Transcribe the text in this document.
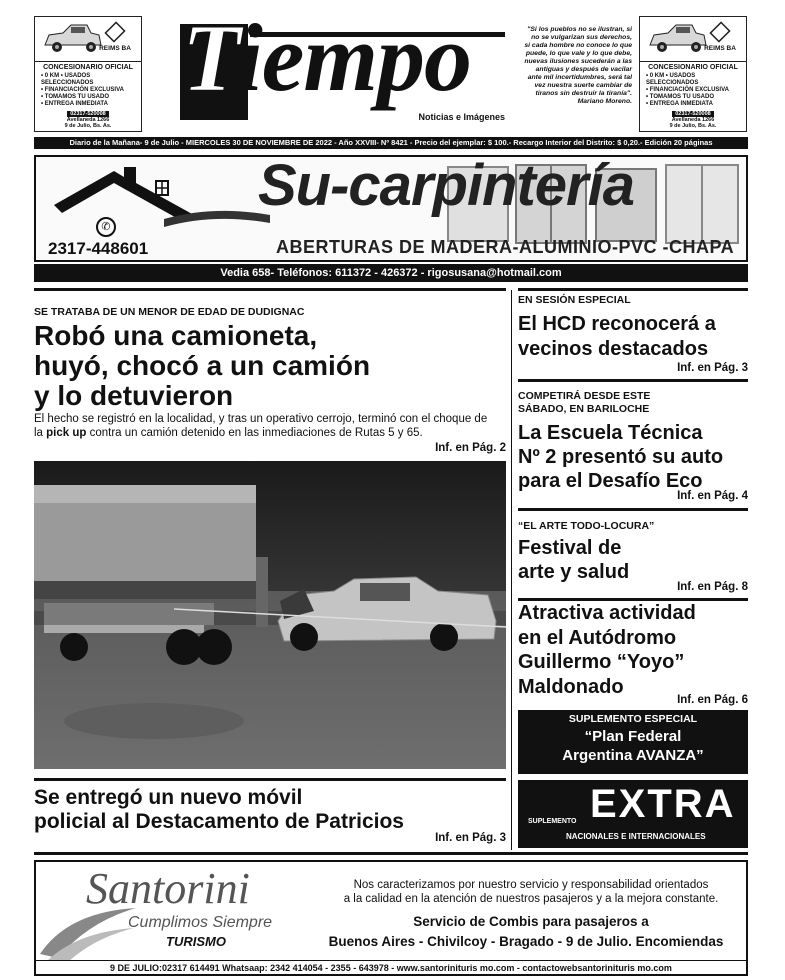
REIMS BA
CONCESIONARIO OFICIAL
• 0 KM • USADOS SELECCIONADOS
• FINANCIACIÓN EXCLUSIVA
• TOMAMOS TU USADO
• ENTREGA INMEDIATA
02317-520008
Avellaneda 1266
9 de Julio, Bs. As.
Tiempo
Noticias e Imágenes
"Si los pueblos no se ilustran, si no se vulgarizan sus derechos, si cada hombre no conoce lo que puede, lo que vale y lo que debe, nuevas ilusiones sucederán a las antiguas y después de vacilar ante mil incertidumbres, será tal vez nuestra suerte cambiar de tiranos sin destruir la tiranía". Mariano Moreno.
REIMS BA
CONCESIONARIO OFICIAL
• 0 KM • USADOS SELECCIONADOS
• FINANCIACIÓN EXCLUSIVA
• TOMAMOS TU USADO
• ENTREGA INMEDIATA
02317-520008
Avellaneda 1266
9 de Julio, Bs. As.
Diario de la Mañana- 9 de Julio - MIERCOLES 30 DE NOVIEMBRE DE 2022 - Año XXVIII- Nº 8421 - Precio del ejemplar: $ 100.- Recargo Interior del Distrito: $ 0,20.- Edición 20 páginas
Su-carpintería
✆
2317-448601	ABERTURAS DE MADERA-ALUMINIO-PVC -CHAPA
Vedia 658- Teléfonos: 611372 - 426372 - rigosusana@hotmail.com
SE TRATABA DE UN MENOR DE EDAD DE DUDIGNAC
Robó una camioneta,
huyó, chocó a un camión
y lo detuvieron
El hecho se registró en la localidad, y tras un operativo cerrojo, terminó con el choque de
la pick up contra un camión detenido en las inmediaciones de Rutas 5 y 65.
Inf. en Pág. 2
Se entregó un nuevo móvil
policial al Destacamento de Patricios
Inf. en Pág. 3
EN SESIÓN ESPECIAL
El HCD reconocerá a
vecinos destacados
Inf. en Pág. 3
COMPETIRÁ DESDE ESTE
SÁBADO, EN BARILOCHE
La Escuela Técnica
Nº 2 presentó su auto
para el Desafío Eco
Inf. en Pág. 4
“EL ARTE TODO-LOCURA”
Festival de
arte y salud
Inf. en Pág. 8
Atractiva actividad
en el Autódromo
Guillermo “Yoyo”
Maldonado
Inf. en Pág. 6
SUPLEMENTO ESPECIAL
“Plan Federal
Argentina AVANZA”
SUPLEMENTO EXTRA
NACIONALES E INTERNACIONALES
Santorini
Cumplimos Siempre
TURISMO
Nos caracterizamos por nuestro servicio y responsabilidad orientados
a la calidad en la atención de nuestros pasajeros y a la mejora constante.
Servicio de Combis para pasajeros a
Buenos Aires - Chivilcoy - Bragado - 9 de Julio. Encomiendas
9 DE JULIO:02317 614491 Whatsaap: 2342 414054 - 2355 - 643978 - www.santorinituris mo.com - contactowebsantorinituris mo.com
